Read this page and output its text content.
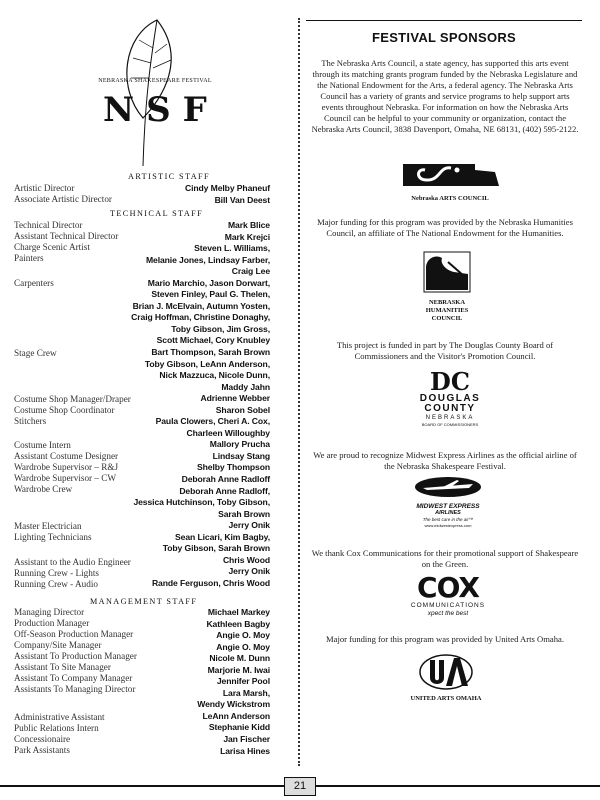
NEBRASKA SHAKESPEARE FESTIVAL
NSF
ARTISTIC STAFF
Artistic Director
Associate Artistic Director
Cindy Melby Phaneuf
Bill Van Deest
TECHNICAL STAFF
Technical Director
Assistant Technical Director
Charge Scenic Artist
Painters
Carpenters
Stage Crew
Costume Shop Manager/Draper
Costume Shop Coordinator
Stitchers
Costume Intern
Assistant Costume Designer
Wardrobe Supervisor – R&J
Wardrobe Supervisor – CW
Wardrobe Crew
Master Electrician
Lighting Technicians
Assistant to the Audio Engineer
Running Crew - Lights
Running Crew - Audio
Mark Blice
Mark Krejci
Steven L. Williams,
Melanie Jones, Lindsay Farber,
Craig Lee
Mario Marchio, Jason Dorwart,
Steven Finley, Paul G. Thelen,
Brian J. McElvain, Autumn Yosten,
Craig Hoffman, Christine Donaghy,
Toby Gibson, Jim Gross,
Scott Michael, Cory Knubley
Bart Thompson, Sarah Brown
Toby Gibson, LeAnn Anderson,
Nick Mazzuca, Nicole Dunn,
Maddy Jahn
Adrienne Webber
Sharon Sobel
Paula Clowers, Cheri A. Cox,
Charleen Willoughby
Mallory Prucha
Lindsay Stang
Shelby Thompson
Deborah Anne Radloff
Deborah Anne Radloff,
Jessica Hutchinson, Toby Gibson,
Sarah Brown
Jerry Onik
Sean Licari, Kim Bagby,
Toby Gibson, Sarah Brown
Chris Wood
Jerry Onik
Rande Ferguson, Chris Wood
MANAGEMENT STAFF
Managing Director
Production Manager
Off-Season Production Manager
Company/Site Manager
Assistant To Production Manager
Assistant To Site Manager
Assistant To Company Manager
Assistants To Managing Director
Administrative Assistant
Public Relations Intern
Concessionaire
Park Assistants
Michael Markey
Kathleen Bagby
Angie O. Moy
Angie O. Moy
Nicole M. Dunn
Marjorie M. Iwai
Jennifer Pool
Lara Marsh,
Wendy Wickstrom
LeAnn Anderson
Stephanie Kidd
Jan Fischer
Larisa Hines
FESTIVAL SPONSORS
The Nebraska Arts Council, a state agency, has supported this arts event through its matching grants program funded by the Nebraska Legislature and the National Endowment for the Arts, a federal agency. The Nebraska Arts Council has a variety of grants and service programs to help support arts events throughout Nebraska. For information on how the Nebraska Arts Council can be helpful to your community or organization, contact the Nebraska Arts Council, 3838 Davenport, Omaha, NE 68131, (402) 595-2122.
Nebraska ARTS COUNCIL
Major funding for this program was provided by the Nebraska Humanities Council, an affiliate of The National Endowment for the Humanities.
NEBRASKA
HUMANITIES
COUNCIL
This project is funded in part by The Douglas County Board of Commissioners and the Visitor's Promotion Council.
DC
DOUGLAS
COUNTY
NEBRASKA
BOARD OF COMMISSIONERS
We are proud to recognize Midwest Express Airlines as the official airline of the Nebraska Shakespeare Festival.
MIDWEST EXPRESS
AIRLINES
The best care in the air™
www.midwestexpress.com
We thank Cox Communications for their promotional support of Shakespeare on the Green.
COX
COMMUNICATIONS
xpect the best
Major funding for this program was provided by United Arts Omaha.
UNITED ARTS OMAHA
21
